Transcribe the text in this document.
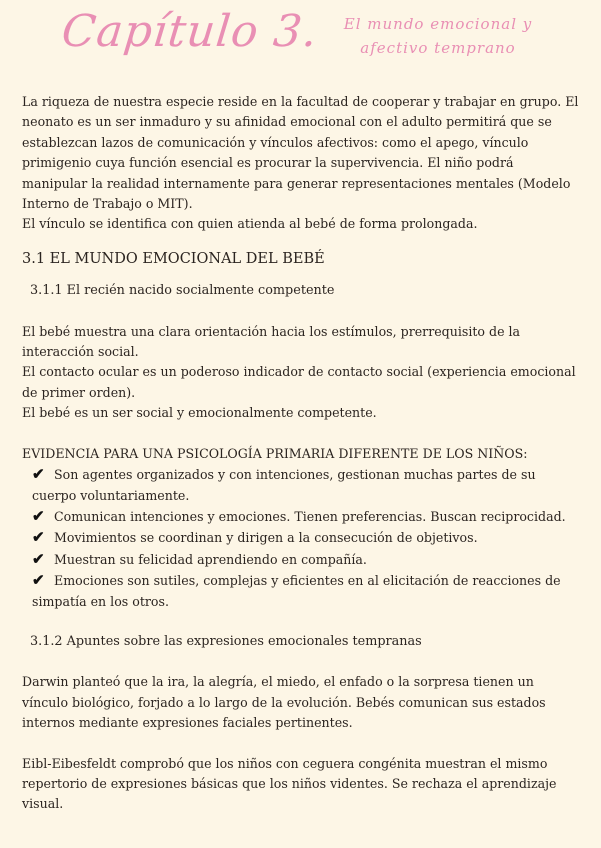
Capítulo 3.	El mundo emocional y
afectivo temprano

La riqueza de nuestra especie reside en la facultad de cooperar y trabajar en grupo. El neonato es un ser inmaduro y su afinidad emocional con el adulto permitirá que se establezcan lazos de comunicación y vínculos afectivos: como el apego, vínculo primigenio cuya función esencial es procurar la supervivencia. El niño podrá manipular la realidad internamente para generar representaciones mentales (Modelo Interno de Trabajo o MIT).

El vínculo se identifica con quien atienda al bebé de forma prolongada.

3.1 EL MUNDO EMOCIONAL DEL BEBÉ
3.1.1 El recién nacido socialmente competente

El bebé muestra una clara orientación hacia los estímulos, prerrequisito de la interacción social.

El contacto ocular es un poderoso indicador de contacto social (experiencia emocional de primer orden).

El bebé es un ser social y emocionalmente competente.

EVIDENCIA PARA UNA PSICOLOGÍA PRIMARIA DIFERENTE DE LOS NIÑOS:

✔ Son agentes organizados y con intenciones, gestionan muchas partes de su cuerpo voluntariamente.

✔ Comunican intenciones y emociones. Tienen preferencias. Buscan reciprocidad.

✔ Movimientos se coordinan y dirigen a la consecución de objetivos.

✔ Muestran su felicidad aprendiendo en compañía.

✔ Emociones son sutiles, complejas y eficientes en al elicitación de reacciones de simpatía en los otros.

3.1.2 Apuntes sobre las expresiones emocionales tempranas

Darwin planteó que la ira, la alegría, el miedo, el enfado o la sorpresa tienen un vínculo biológico, forjado a lo largo de la evolución. Bebés comunican sus estados internos mediante expresiones faciales pertinentes.

Eibl-Eibesfeldt comprobó que los niños con ceguera congénita muestran el mismo repertorio de expresiones básicas que los niños videntes. Se rechaza el aprendizaje visual.
